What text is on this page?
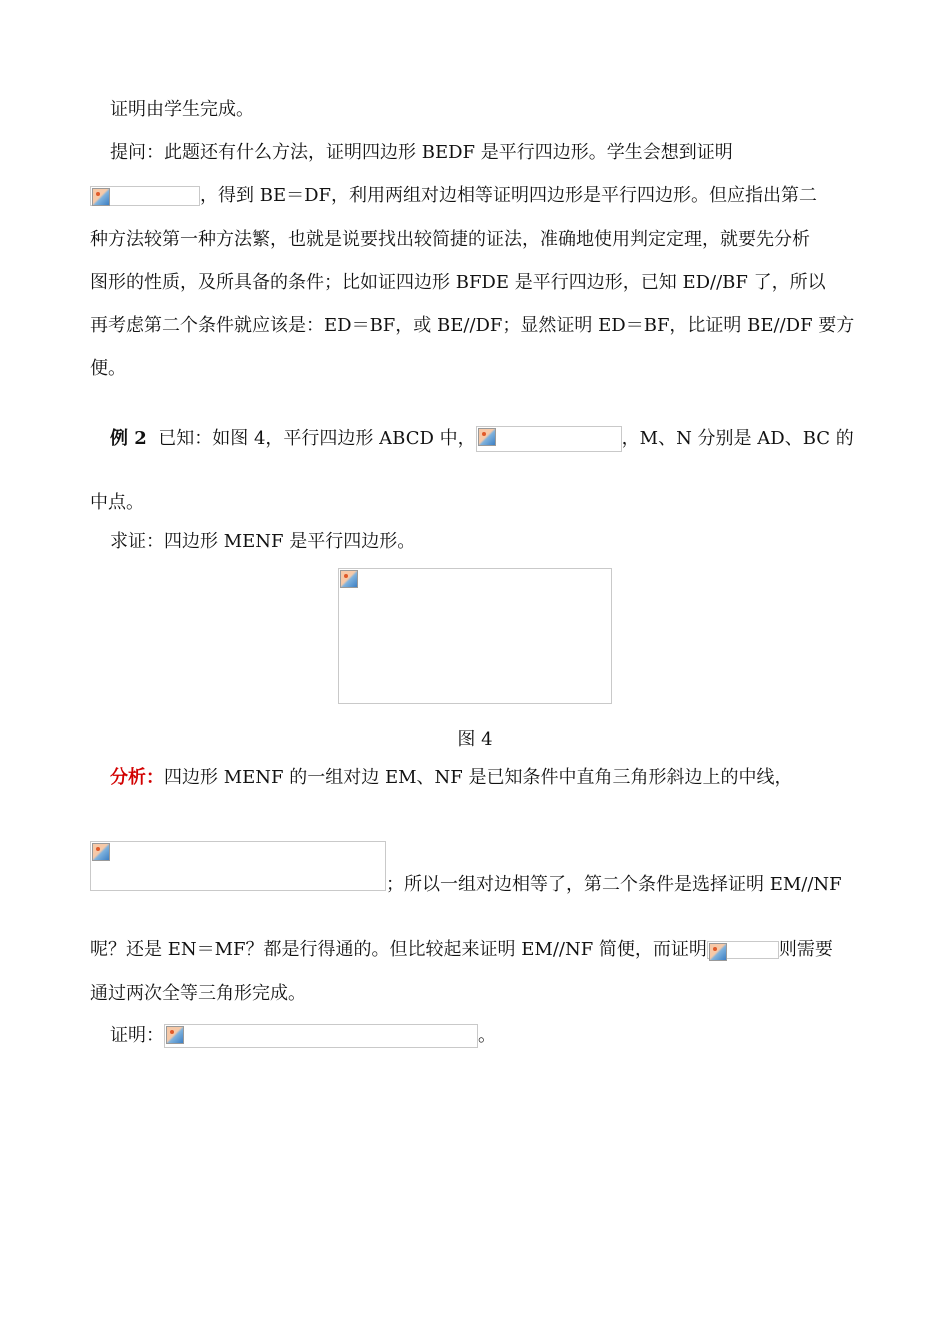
证明由学生完成。
提问：此题还有什么方法，证明四边形 BEDF 是平行四边形。学生会想到证明
，得到 BE＝DF，利用两组对边相等证明四边形是平行四边形。但应指出第二
种方法较第一种方法繁，也就是说要找出较简捷的证法，准确地使用判定定理，就要先分析
图形的性质，及所具备的条件；比如证四边形 BFDE 是平行四边形，已知 ED//BF 了，所以
再考虑第二个条件就应该是：ED＝BF，或 BE//DF；显然证明 ED＝BF，比证明 BE//DF 要方
便。
例 2 已知：如图 4，平行四边形 ABCD 中，	，M、N 分别是 AD、BC 的
中点。
求证：四边形 MENF 是平行四边形。
图 4
分析：四边形 MENF 的一组对边 EM、NF 是已知条件中直角三角形斜边上的中线，
；所以一组对边相等了，第二个条件是选择证明 EM//NF
呢？还是 EN＝MF？都是行得通的。但比较起来证明 EM//NF 简便，而证明	则需要
通过两次全等三角形完成。
证明：	。
